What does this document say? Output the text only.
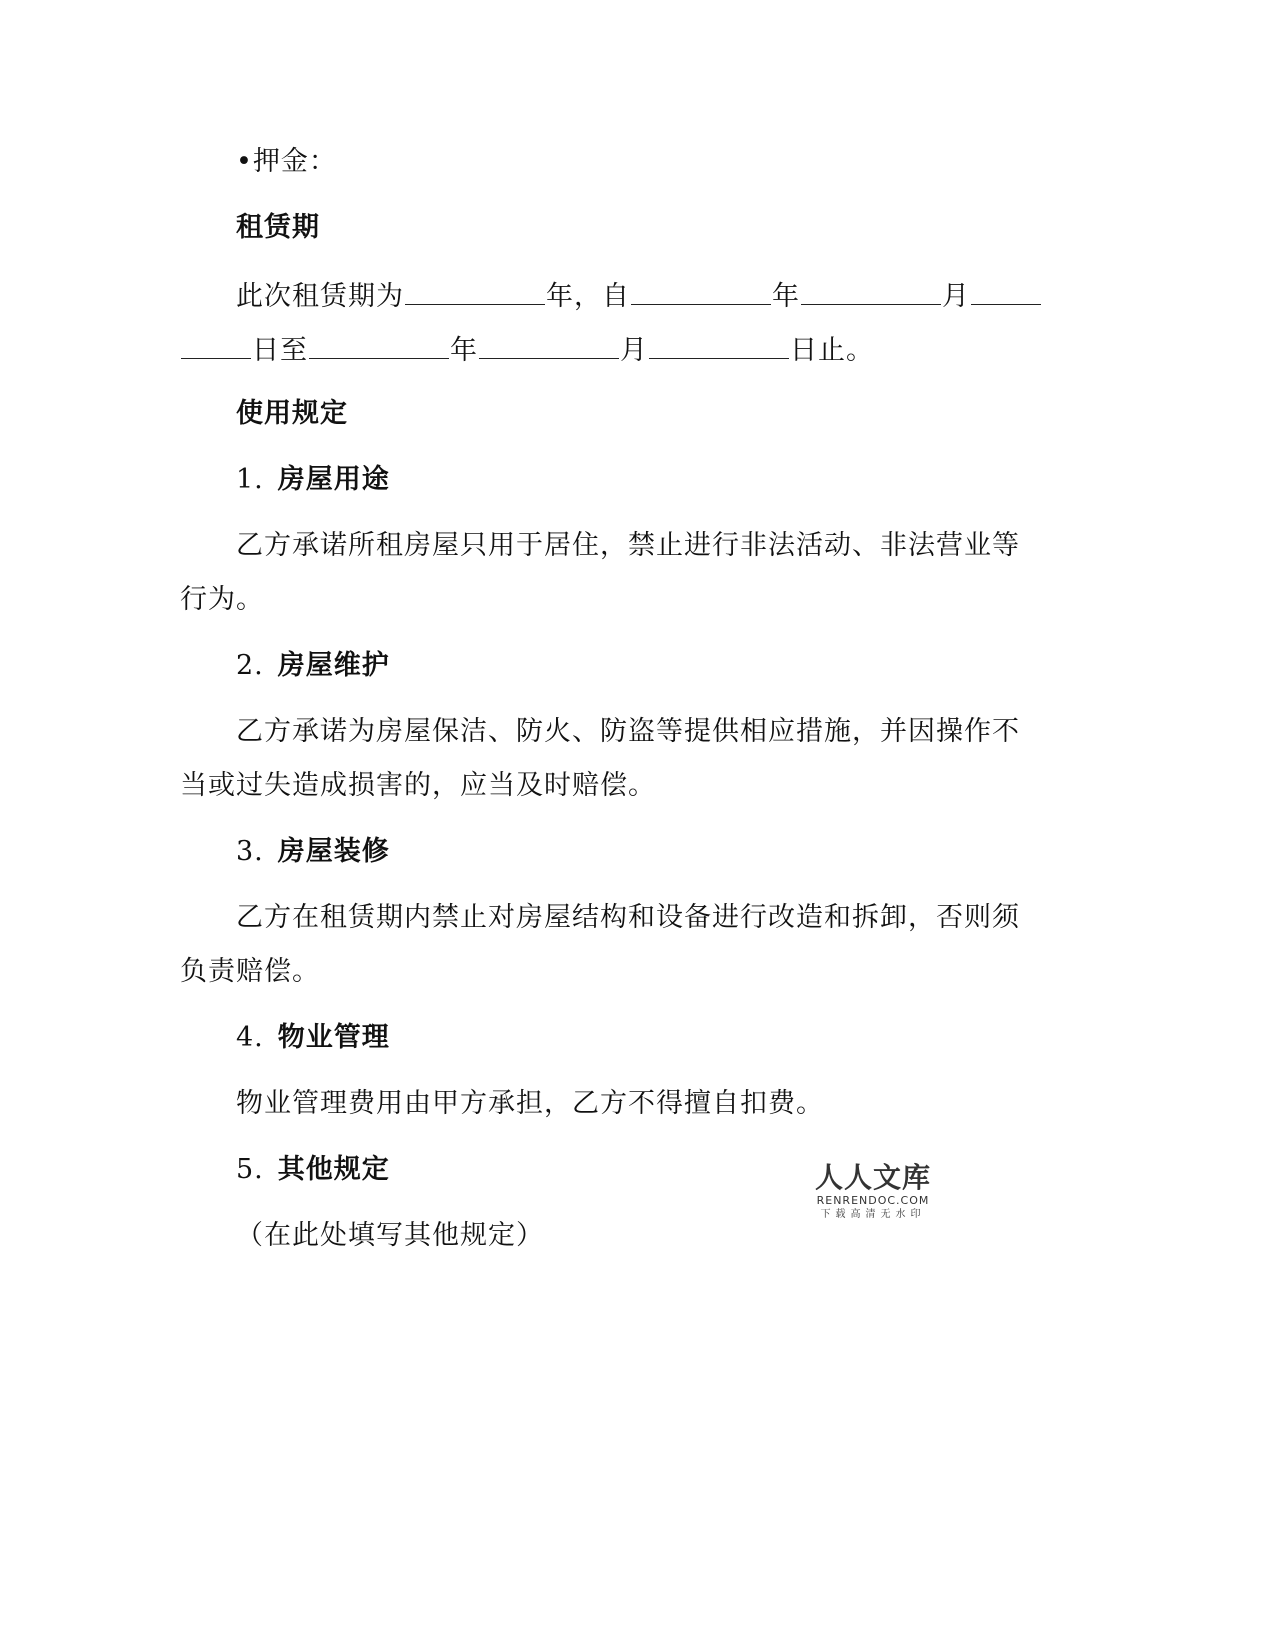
•押金：
租赁期
此次租赁期为	年，自	年	月
日至	年	月	日止。
使用规定
1. 房屋用途
乙方承诺所租房屋只用于居住，禁止进行非法活动、非法营业等
行为。
2. 房屋维护
乙方承诺为房屋保洁、防火、防盗等提供相应措施，并因操作不
当或过失造成损害的，应当及时赔偿。
3. 房屋装修
乙方在租赁期内禁止对房屋结构和设备进行改造和拆卸，否则须
负责赔偿。
4. 物业管理
物业管理费用由甲方承担，乙方不得擅自扣费。
5. 其他规定
（在此处填写其他规定）
人人文库
RENRENDOC.COM
下载高清无水印
